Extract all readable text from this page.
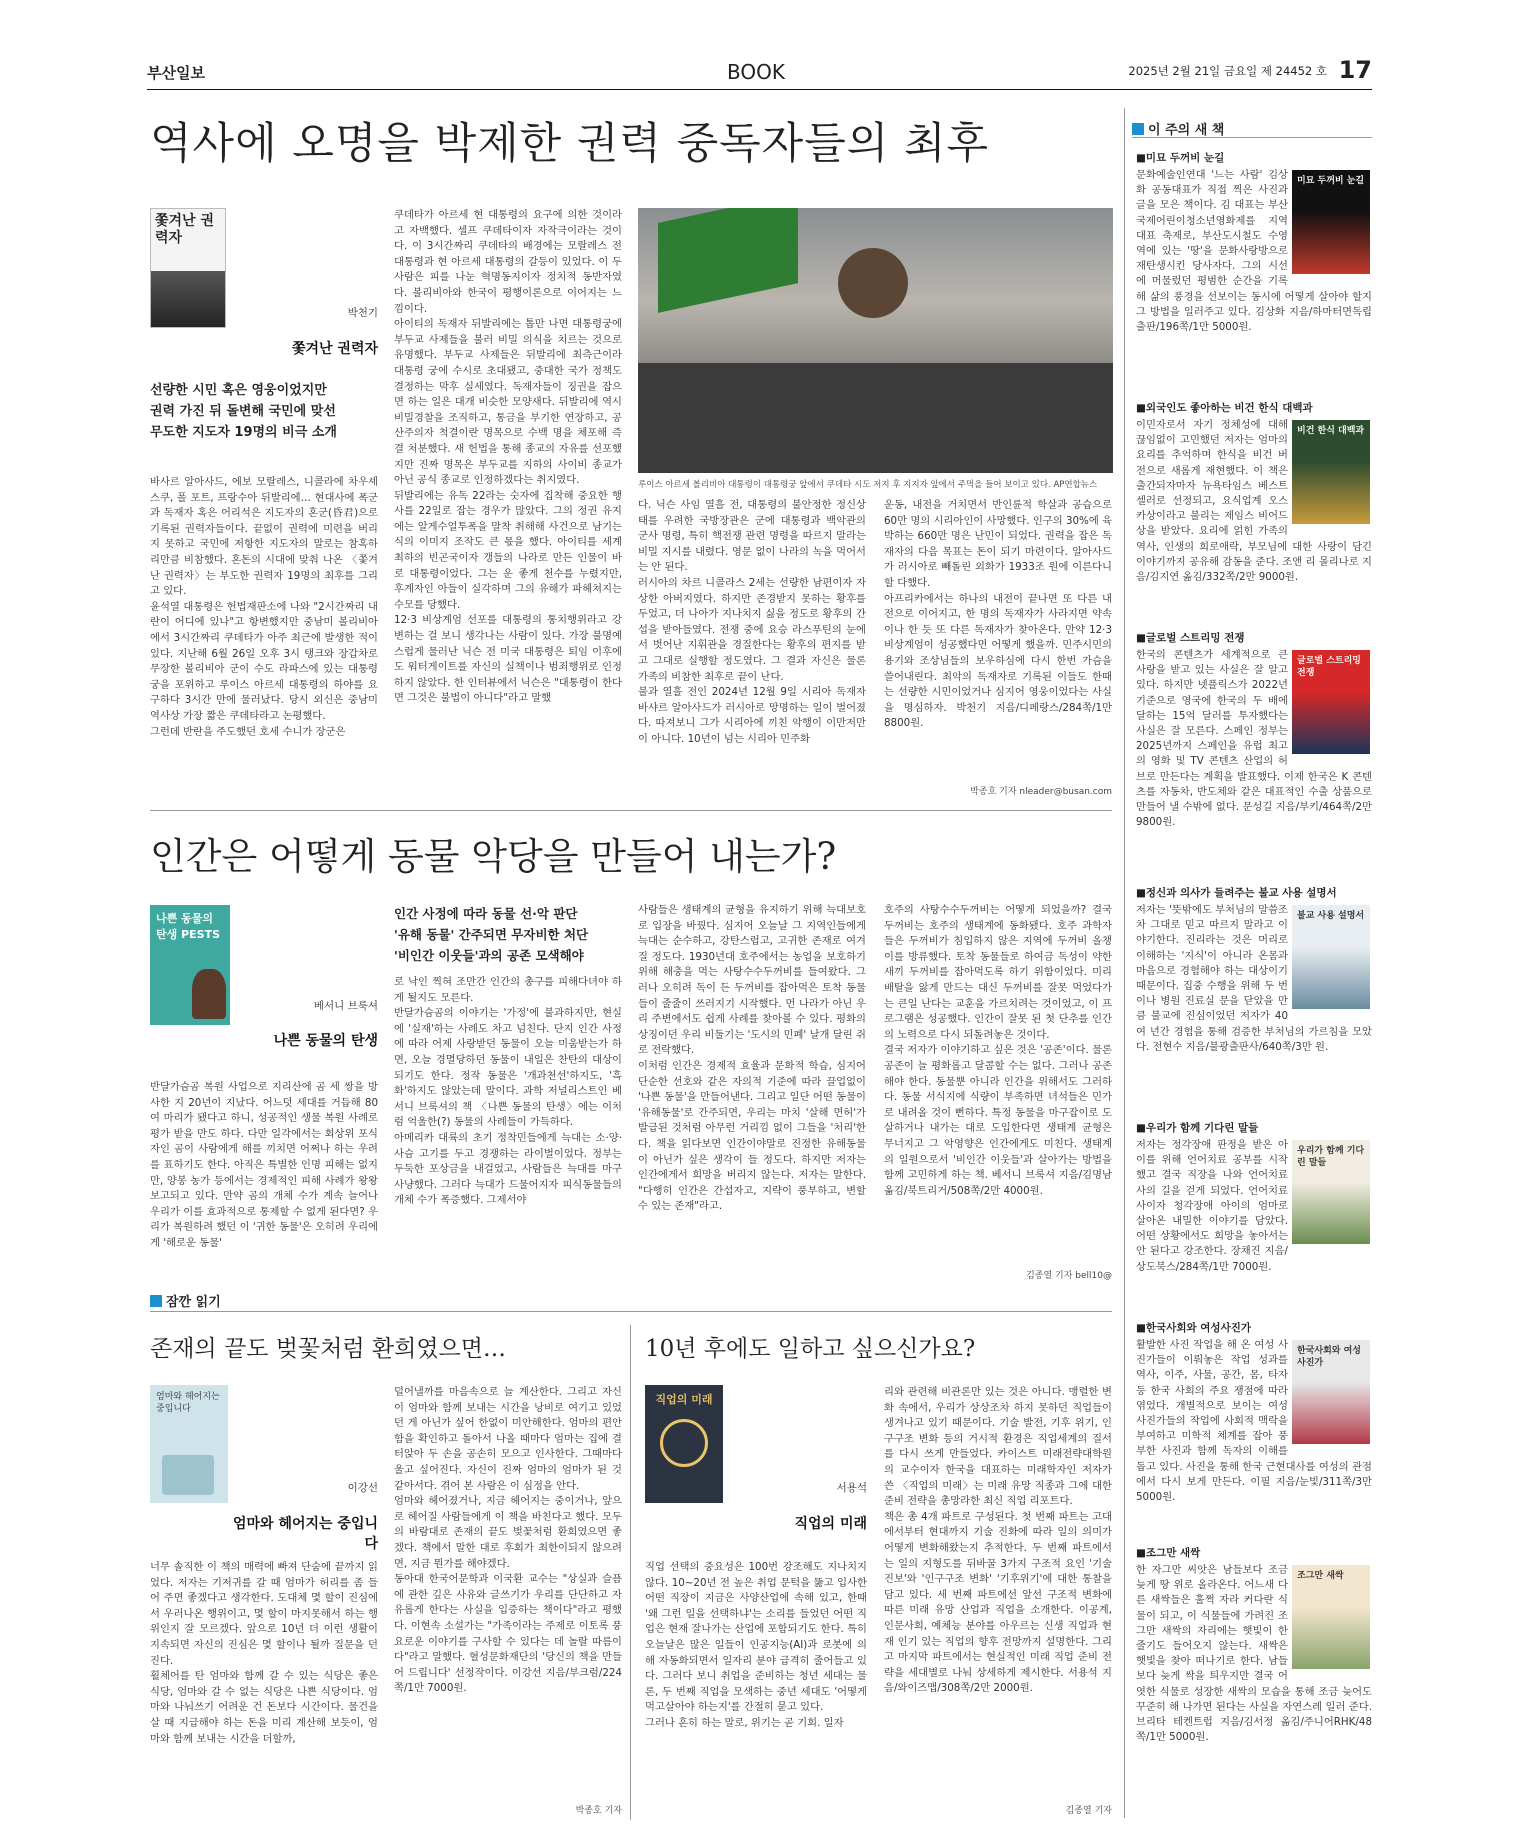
부산일보	BOOK	2025년 2월 21일 금요일 제 24452 호 17
역사에 오명을 박제한 권력 중독자들의 최후
쫓겨난 권력자
박천기
쫓겨난 권력자
선량한 시민 혹은 영웅이었지만
권력 가진 뒤 돌변해 국민에 맞선
무도한 지도자 19명의 비극 소개
바사르 알아사드, 에보 모랄레스, 니콜라에 차우셰스쿠, 폴 포트, 프랑수아 뒤발리에… 현대사에 폭군과 독재자 혹은 어리석은 지도자의 혼군(昏君)으로 기록된 권력자들이다. 끝없이 권력에 미련을 버리지 못하고 국민에 저항한 지도자의 말로는 참혹하리만큼 비참했다. 혼돈의 시대에 맞춰 나온 〈쫓겨난 권력자〉는 부도한 권력자 19명의 최후를 그리고 있다.
윤석열 대통령은 헌법재판소에 나와 "2시간짜리 내란이 어디에 있나"고 항변했지만 중남미 볼리비아에서 3시간짜리 쿠데타가 아주 최근에 발생한 적이 있다. 지난해 6월 26일 오후 3시 탱크와 장갑차로 무장한 볼리비아 군이 수도 라파스에 있는 대통령궁을 포위하고 루이스 아르세 대통령의 하야를 요구하다 3시간 만에 물러났다. 당시 외신은 중남미 역사상 가장 짧은 쿠데타라고 논평했다.
그런데 반란을 주도했던 호세 수니가 장군은
쿠데타가 아르세 현 대통령의 요구에 의한 것이라고 자백했다. 셀프 쿠데타이자 자작극이라는 것이다. 이 3시간짜리 쿠데타의 배경에는 모랄레스 전 대통령과 현 아르세 대통령의 갈등이 있었다. 이 두 사람은 피를 나눈 혁명동지이자 정치적 동반자였다. 볼리비아와 한국이 평행이론으로 이어지는 느낌이다.
아이티의 독재자 뒤발리에는 톱만 나면 대통령궁에 부두교 사제들을 불러 비밀 의식을 치르는 것으로 유명했다. 부두교 사제들은 뒤발리에 최측근이라 대통령 궁에 수시로 초대됐고, 중대한 국가 정책도 결정하는 막후 실세였다. 독재자들이 징권을 잡으면 하는 일은 대개 비슷한 모양새다. 뒤발리에 역시 비밀경찰을 조직하고, 통금을 부기한 연장하고, 공산주의자 척결이란 명목으로 수백 명을 체포해 즉결 처분했다. 새 헌법을 통해 종교의 자유를 선포했지만 진짜 명목은 부두교를 지하의 사이비 종교가 아닌 공식 종교로 인정하겠다는 취지였다.
뒤발리에는 유독 22라는 숫자에 집착해 중요한 행사를 22일로 잡는 경우가 많았다. 그의 정권 유지에는 알게수얼투폭을 말착 취해해 사건으로 남기는 식의 이미지 조작도 큰 몫을 했다. 아이티를 세계 최하의 빈곤국이자 갱들의 나라로 만든 인물이 바로 대통령이었다. 그는 운 좋게 천수를 누렸지만, 후계자인 아들이 실각하며 그의 유해가 파헤쳐지는 수모를 당했다.
12·3 비상계엄 선포를 대통령의 통치행위라고 강변하는 걸 보니 생각나는 사람이 있다. 가장 불명예스럽게 물러난 닉슨 전 미국 대통령은 퇴임 이후에도 워터게이트를 자신의 실책이나 범죄행위로 인정하지 않았다. 한 인터뷰에서 닉슨은 "대통령이 한다면 그것은 불법이 아니다"라고 말했
루이스 아르세 볼리비아 대통령이 대통령궁 앞에서 쿠데타 시도 저지 후 지지자 앞에서 주먹을 들어 보이고 있다. AP연합뉴스
다. 닉슨 사임 열흘 전, 대통령의 불안정한 정신상태를 우려한 국방장관은 군에 대통령과 백악관의 군사 명령, 특히 핵전쟁 관련 명령을 따르지 말라는 비밀 지시를 내렸다. 영문 없이 나라의 녹을 먹어서는 안 된다.
러시아의 차르 니콜라스 2세는 선량한 남편이자 자상한 아버지였다. 하지만 존경받지 못하는 황후를 두었고, 더 나아가 지나치지 싫을 정도로 황후의 간섭을 받아들였다. 전쟁 중에 요승 라스푸틴의 눈에서 벗어난 지휘관을 경질한다는 황후의 편지를 받고 그대로 실행할 정도였다. 그 결과 자신은 물론 가족의 비참한 최후로 끝이 난다.
불과 열흘 전인 2024년 12월 9일 시리아 독재자 바샤르 알아사드가 러시아로 망명하는 일이 벌어졌다. 따져보니 그가 시리아에 끼친 악행이 이만저만이 아니다. 10년이 넘는 시리아 민주화
운동, 내전을 거치면서 반인륜적 학살과 공습으로 60만 명의 시리아인이 사망했다. 인구의 30%에 육박하는 660만 명은 난민이 되었다. 권력을 잡은 독재자의 다음 목표는 돈이 되기 마련이다. 알아사드가 러시아로 빼돌린 외화가 1933조 원에 이른다니 할 다했다.
아프리카에서는 하나의 내전이 끝나면 또 다른 내전으로 이어지고, 한 명의 독재자가 사라지면 약속이나 한 듯 또 다른 독재자가 찾아온다. 만약 12·3 비상계엄이 성공했다면 어떻게 했을까. 민주시민의 용기와 조상님들의 보우하심에 다시 한번 가슴을 쓸어내린다. 최악의 독재자로 기록된 이들도 한때는 선량한 시민이었거나 심지어 영웅이었다는 사실을 명심하자. 박천기 지음/디페랑스/284쪽/1만 8800원.
박종호 기자 nleader@busan.com
인간은 어떻게 동물 악당을 만들어 내는가?
나쁜 동물의 탄생 PESTS
베서니 브룩셔
나쁜 동물의 탄생
반달가슴곰 복원 사업으로 지리산에 곰 세 쌍을 방사한 지 20년이 지났다. 어느덧 세대를 거듭해 80여 마리가 됐다고 하니, 성공적인 생물 복원 사례로 평가 받을 만도 하다. 다만 일각에서는 회상위 포식자인 곰이 사람에게 해를 끼치면 어쩌나 하는 우려를 표하기도 한다. 아직은 특별한 인명 피해는 없지만, 양봉 농가 등에서는 경제적인 피해 사례가 왕왕 보고되고 있다. 만약 곰의 개체 수가 계속 늘어나 우리가 이를 효과적으로 통제할 수 없게 된다면? 우리가 복원하려 했던 이 '귀한 동물'은 오히려 우리에게 '해로운 동물'
인간 사정에 따라 동물 선·악 판단
'유해 동물' 간주되면 무자비한 처단
'비인간 이웃들'과의 공존 모색해야
로 낙인 찍혀 조만간 인간의 총구를 피해다녀야 하게 될지도 모른다.
반달가슴곰의 이야기는 '가정'에 불과하지만, 현실에 '실재'하는 사례도 차고 넘친다. 단지 인간 사정에 따라 어제 사랑받던 동물이 오늘 미움받는가 하면, 오늘 경멸당하던 동물이 내일은 찬탄의 대상이 되기도 한다. 정작 동물은 '개과천선'하지도, '흑화'하지도 않았는데 말이다. 과학 저널리스트인 베서니 브룩셔의 책 〈나쁜 동물의 탄생〉에는 이처럼 억울한(?) 동물의 사례들이 가득하다.
아메리카 대륙의 초기 정착민들에게 늑대는 소·양·사슴 고기를 두고 경쟁하는 라이벌이었다. 정부는 두둑한 포상금을 내걸었고, 사람들은 늑대를 마구 사냥했다. 그러다 늑대가 드물어지자 피식동물들의 개체 수가 폭증했다. 그제서야
사람들은 생태계의 균형을 유지하기 위해 늑대보호로 입장을 바꿨다. 심지어 오늘날 그 지역인들에게 늑대는 순수하고, 강탄스럽고, 고귀한 존재로 여겨질 정도다. 1930년대 호주에서는 농업을 보호하기 위해 해충을 먹는 사탕수수두꺼비를 들여왔다. 그러나 오히려 독이 든 두꺼비를 잡아먹은 토착 동물들이 줄줄이 쓰러지기 시작했다. 먼 나라가 아닌 우리 주변에서도 쉽게 사례를 찾아볼 수 있다. 평화의 상징이던 우리 비둘기는 '도시의 민폐' 날개 달린 쥐로 전락했다.
이처럼 인간은 경제적 효율과 문화적 학습, 심지어 단순한 선호와 같은 자의적 기준에 따라 끌업없이 '나쁜 동물'을 만들어낸다. 그리고 일단 어떤 동물이 '유해동물'로 간주되면, 우리는 마치 '살해 면허'가 발급된 것처럼 아무런 거리낌 없이 그들을 '처리'한다. 책을 읽다보면 인간이야말로 진정한 유해동물이 아닌가 싶은 생각이 들 정도다. 하지만 저자는 인간에게서 희망을 버리지 않는다. 저자는 말한다. "다행히 인간은 간섭자고, 지략이 풍부하고, 변할 수 있는 존재"라고.
호주의 사탕수수두꺼비는 어떻게 되었을까? 결국 두꺼비는 호주의 생태계에 동화됐다. 호주 과학자들은 두꺼비가 침입하지 않은 지역에 두꺼비 올챙이를 방류했다. 토착 동물들로 하여금 독성이 약한 새끼 두꺼비를 잡아먹도록 하기 위함이었다. 미리 배탈을 앓게 만드는 대신 두꺼비를 잘못 먹었다가는 큰일 난다는 교훈을 가르치려는 것이었고, 이 프로그램은 성공했다. 인간이 잘못 된 첫 단추를 인간의 노력으로 다시 되돌려놓은 것이다.
결국 저자가 이야기하고 싶은 것은 '공존'이다. 물론 공존이 늘 평화롭고 달콤할 수는 없다. 그러나 공존해야 한다. 동물뿐 아니라 인간을 위해서도 그러하다. 동물 서식지에 식량이 부족하면 녀석들은 민가로 내려올 것이 뻔하다. 특정 동물을 마구잡이로 도살하거나 내가는 대로 도입한다면 생태계 균형은 무너지고 그 악영향은 인간에게도 미친다. 생태계의 일원으로서 '비인간 이웃들'과 살아가는 방법을 함께 고민하게 하는 책. 베서니 브룩셔 지음/김명남 옮김/북트리거/508쪽/2만 4000원.
김종열 기자 bell10@
잠깐 읽기
존재의 끝도 벚꽃처럼 환희였으면…
엄마와 헤어지는 중입니다
이강선
엄마와 헤어지는 중입니다
너무 솔직한 이 책의 매력에 빠져 단숨에 끝까지 읽었다. 저자는 기저귀를 갈 때 엄마가 허리를 좀 들어 주면 좋겠다고 생각한다. 도대체 몇 할이 진심에서 우러나온 행위이고, 몇 할이 마지못해서 하는 행위인지 잘 모르겠다. 앞으로 10년 더 이런 생활이 지속되면 자신의 진심은 몇 할이나 될까 질문을 던진다.
휠체어를 탄 엄마와 함께 갈 수 있는 식당은 좋은 식당, 엄마와 갈 수 없는 식당은 나쁜 식당이다. 엄마와 나눠쓰기 어려운 건 돈보다 시간이다. 물건을 살 때 지급해야 하는 돈을 미리 계산해 보듯이, 엄마와 함께 보내는 시간을 더할까,
덜어낼까를 마음속으로 늘 계산한다. 그리고 자신이 엄마와 함께 보내는 시간을 낭비로 여기고 있었던 게 아닌가 싶어 한없이 미안해한다. 엄마의 편안함을 확인하고 돌아서 나올 때마다 엄마는 집에 결터앉아 두 손을 공손히 모으고 인사한다. 그때마다 울고 싶어진다. 자신이 진짜 엄마의 엄마가 된 것 같아서다. 겪어 본 사람은 이 심정을 안다.
엄마와 헤어졌거나, 지금 헤어지는 중이거나, 앞으로 헤어질 사람들에게 이 책을 바친다고 했다. 모두의 바람대로 존재의 끝도 벚꽃처럼 환희였으면 좋겠다. 책에서 말한 대로 후회가 최한이되지 않으려면, 지금 뭔가를 해야겠다.
동아대 한국어문학과 이국환 교수는 "상실과 슬픔에 관한 깊은 사유와 글쓰기가 우리를 단단하고 자유롭게 한다는 사실을 입증하는 책이다"라고 평했다. 이현속 소설가는 "가족이라는 주제로 이토록 풍요로운 이야기를 구사할 수 있다는 데 놀랄 따름이다"라고 말했다. 혈성문화재단의 '당신의 책을 만들어 드립니다' 선정작이다. 이강선 지음/부크럼/224쪽/1만 7000원.
박종호 기자
10년 후에도 일하고 싶으신가요?
직업의 미래
서용석
직업의 미래
직업 선택의 중요성은 100번 강조해도 지나치지 않다. 10~20년 전 높은 취업 문턱을 뚫고 입사한 어떤 직장이 지금은 사양산업에 속해 있고, 한때 '왜 그런 일을 선택하냐'는 소리를 들었던 어떤 직업은 현재 잘나가는 산업에 포함되기도 한다. 특히 오늘날은 많은 일들이 인공지능(AI)과 로봇에 의해 자동화되면서 일자리 분야 급격히 줄어들고 있다. 그러다 보니 취업을 준비하는 청년 세대는 물론, 두 번째 직업을 모색하는 중년 세대도 '어떻게 먹고살아야 하는지'를 간절히 묻고 있다.
그러나 흔히 하는 말로, 위기는 곧 기회. 일자
리와 관련해 비관론만 있는 것은 아니다. 맹렬한 변화 속에서, 우리가 상상조차 하지 못하던 직업들이 생겨나고 있기 때문이다. 기술 발전, 기후 위기, 인구구조 변화 등의 거시적 환경은 직업세계의 질서를 다시 쓰게 만들었다. 카이스트 미래전략대학원의 교수이자 한국을 대표하는 미래학자인 저자가 쓴 〈직업의 미래〉는 미래 유망 직종과 그에 대한 준비 전략을 총망라한 최신 직업 리포트다.
책은 총 4개 파트로 구성된다. 첫 번째 파트는 고대에서부터 현대까지 기술 진화에 따라 일의 의미가 어떻게 변화해왔는지 추적한다. 두 번째 파트에서는 일의 지형도를 뒤바꿀 3가지 구조적 요인 '기술 진보'와 '인구구조 변화' '기후위기'에 대한 통찰을 담고 있다. 세 번째 파트에선 앞선 구조적 변화에 따른 미래 유망 산업과 직업을 소개한다. 이공계, 인문사회, 예체능 분야를 아우르는 신생 직업과 현재 인기 있는 직업의 향후 전망까지 설명한다. 그리고 마지막 파트에서는 현실적인 미래 직업 준비 전략을 세대별로 나눠 상세하게 제시한다. 서용석 지음/와이즈맵/308쪽/2만 2000원.
김종열 기자
이 주의 새 책
■미묘 두꺼비 눈길
미묘 두꺼비 눈길
문화예술인연대 '느는 사람' 김상화 공동대표가 직접 찍은 사진과 글을 모은 책이다. 김 대표는 부산국제어린이청소년영화제를 지역 대표 축제로, 부산도시철도 수영역에 있는 '땅'을 문화사랑방으로 재탄생시킨 당사자다. 그의 시선에 머물렀던 평범한 순간을 기록해 삶의 풍경을 선보이는 동시에 어떻게 살아야 할지 그 방법을 일러주고 있다. 김상화 지음/하마터면독립출판/196쪽/1만 5000원.
■외국인도 좋아하는 비건 한식 대백과
비건 한식 대백과
이민자로서 자기 정체성에 대해 끊임없이 고민했던 저자는 엄마의 요리를 추억하며 한식을 비건 버전으로 새롭게 재현했다. 이 책은 출간되자마자 뉴욕타임스 베스트셀러로 선정되고, 요식업계 오스카상이라고 불리는 제임스 비어드 상을 받았다. 요리에 얽힌 가족의 역사, 인생의 희로애락, 부모님에 대한 사랑이 담긴 이야기까지 공유해 감동을 준다. 조앤 리 몰리나로 지음/김지연 옮김/332쪽/2만 9000원.
■글로벌 스트리밍 전쟁
글로벌 스트리밍 전쟁
한국의 콘텐츠가 세계적으로 큰 사랑을 받고 있는 사실은 잘 알고 있다. 하지만 넷플릭스가 2022년 기준으로 영국에 한국의 두 배에 달하는 15억 달러를 투자했다는 사실은 잘 모른다. 스페인 정부는 2025년까지 스페인을 유럽 최고의 영화 및 TV 콘텐츠 산업의 허브로 만든다는 계획을 발표했다. 이제 한국은 K 콘텐츠를 자동차, 반도체와 같은 대표적인 수출 상품으로 만들어 낼 수밖에 없다. 문성길 지음/부키/464쪽/2만 9800원.
■정신과 의사가 들려주는 불교 사용 설명서
불교 사용 설명서
저자는 '뜻밖에도 부처님의 말씀조차 그대로 믿고 따르지 말라고 이야기한다. 진리라는 것은 머리로 이해하는 '지식'이 아니라 온몸과 마음으로 경험해야 하는 대상이기 때문이다. 집중 수행을 위해 두 번이나 병원 진료실 문을 닫았을 만큼 불교에 진심이었던 저자가 40여 년간 경험을 통해 검증한 부처님의 가르침을 모았다. 전현수 지음/불광출판사/640쪽/3만 원.
■우리가 함께 기다린 말들
우리가 함께 기다린 말들
저자는 정각장애 판정을 받은 아이를 위해 언어치료 공부를 시작했고 결국 직장을 나와 언어치료사의 길을 걷게 되었다. 언어치료사이자 청각장애 아이의 엄마로 살아온 내밀한 이야기를 담았다. 어떤 상황에서도 희망을 놓아서는 안 된다고 강조한다. 장채진 지음/상도북스/284쪽/1만 7000원.
■한국사회와 여성사진가
한국사회와 여성사진가
활발한 사진 작업을 해 온 여성 사진가들이 이뤄놓은 작업 성과를 역사, 이주, 사물, 공간, 몸, 타자 등 한국 사회의 주요 쟁점에 따라 엮었다. 개별적으로 보이는 여성 사진가들의 작업에 사회적 맥락을 부여하고 미학적 체계를 잡아 풍부한 사진과 함께 독자의 이해를 돕고 있다. 사진을 통해 한국 근현대사를 여성의 관점에서 다시 보게 만든다. 이필 지음/눈빛/311쪽/3만 5000원.
■조그만 새싹
조그만 새싹
한 자그만 씨앗은 남들보다 조금 늦게 땅 위로 올라온다. 어느새 다른 새싹들은 훌쩍 자라 커다란 식물이 되고, 이 식물들에 가려진 조그만 새싹의 자리에는 햇빛이 한 줄기도 들어오지 않는다. 새싹은 햇빛을 찾아 떠나기로 한다. 남들보다 늦게 싹을 틔우지만 결국 어엿한 식물로 성장한 새싹의 모습을 통해 조금 늦어도 꾸준히 해 나가면 된다는 사실을 자연스레 일러 준다. 브리타 테켄트럽 지음/김서정 옮김/주니어RHK/48쪽/1만 5000원.
